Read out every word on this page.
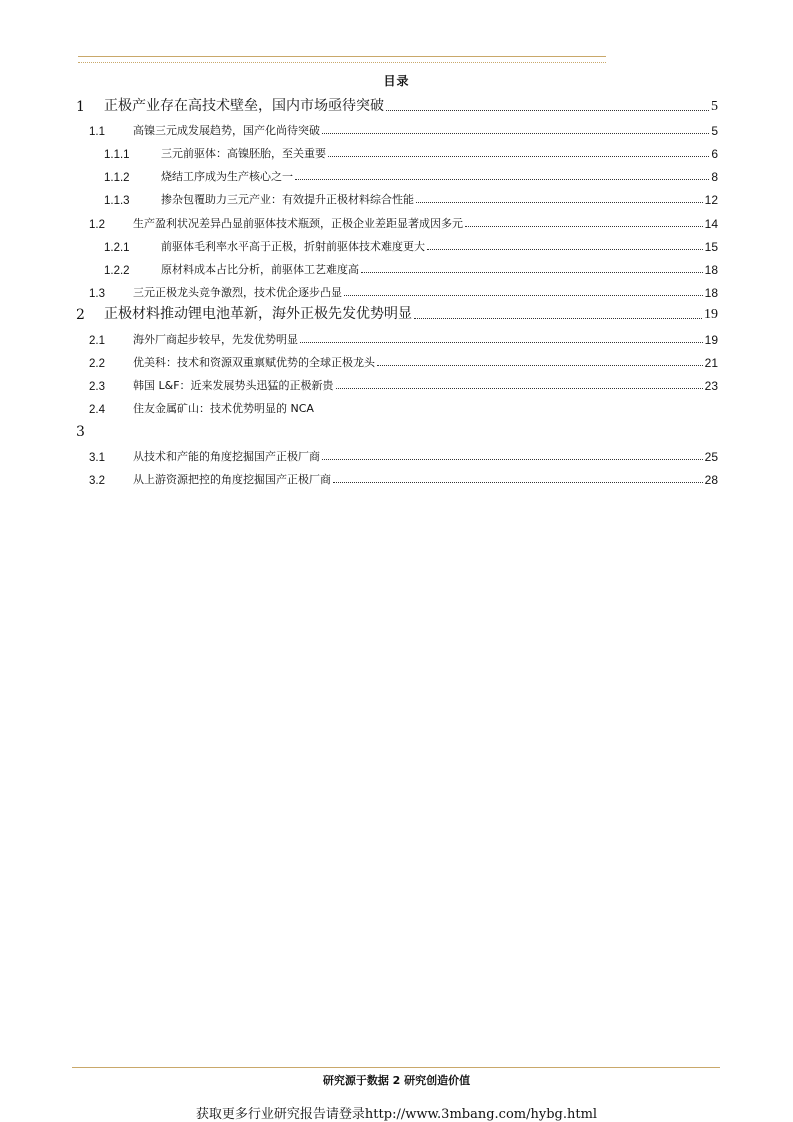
目录
1	正极产业存在高技术壁垒，国内市场亟待突破	5
1.1	高镍三元成发展趋势，国产化尚待突破	5
1.1.1	三元前驱体：高镍胚胎，至关重要	6
1.1.2	烧结工序成为生产核心之一	8
1.1.3	掺杂包覆助力三元产业：有效提升正极材料综合性能	12
1.2	生产盈利状况差异凸显前驱体技术瓶颈，正极企业差距显著成因多元	14
1.2.1	前驱体毛利率水平高于正极，折射前驱体技术难度更大	15
1.2.2	原材料成本占比分析，前驱体工艺难度高	18
1.3	三元正极龙头竞争激烈，技术优企逐步凸显	18
2	正极材料推动锂电池革新，海外正极先发优势明显	19
2.1	海外厂商起步较早，先发优势明显	19
2.2	优美科：技术和资源双重禀赋优势的全球正极龙头	21
2.3	韩国 L&F：近来发展势头迅猛的正极新贵	23
2.4	住友金属矿山：技术优势明显的 NCA
3
3.1	从技术和产能的角度挖掘国产正极厂商	25
3.2	从上游资源把控的角度挖掘国产正极厂商	28
研究源于数据 2 研究创造价值
获取更多行业研究报告请登录http://www.3mbang.com/hybg.html
